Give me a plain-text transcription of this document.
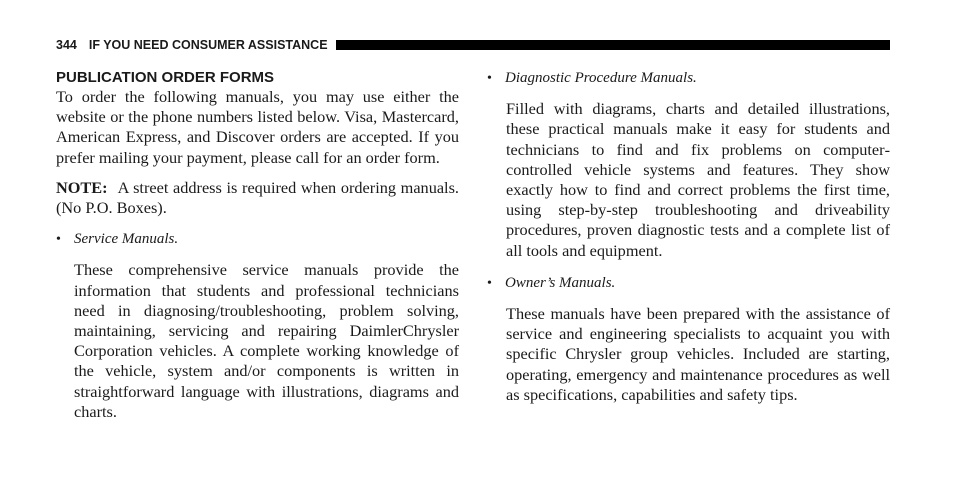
344 IF YOU NEED CONSUMER ASSISTANCE
PUBLICATION ORDER FORMS

To order the following manuals, you may use either the website or the phone numbers listed below. Visa, Mastercard, American Express, and Discover orders are accepted. If you prefer mailing your payment, please call for an order form.

NOTE: A street address is required when ordering manuals. (No P.O. Boxes).

• Service Manuals.

These comprehensive service manuals provide the information that students and professional technicians need in diagnosing/troubleshooting, problem solving, maintaining, servicing and repairing DaimlerChrysler Corporation vehicles. A complete working knowledge of the vehicle, system and/or components is written in straightforward language with illustrations, diagrams and charts.

• Diagnostic Procedure Manuals.

Filled with diagrams, charts and detailed illustrations, these practical manuals make it easy for students and technicians to find and fix problems on computercontrolled vehicle systems and features. They show exactly how to find and correct problems the first time, using step-by-step troubleshooting and driveability procedures, proven diagnostic tests and a complete list of all tools and equipment.

• Owner’s Manuals.

These manuals have been prepared with the assistance of service and engineering specialists to acquaint you with specific Chrysler group vehicles. Included are starting, operating, emergency and maintenance procedures as well as specifications, capabilities and safety tips.
